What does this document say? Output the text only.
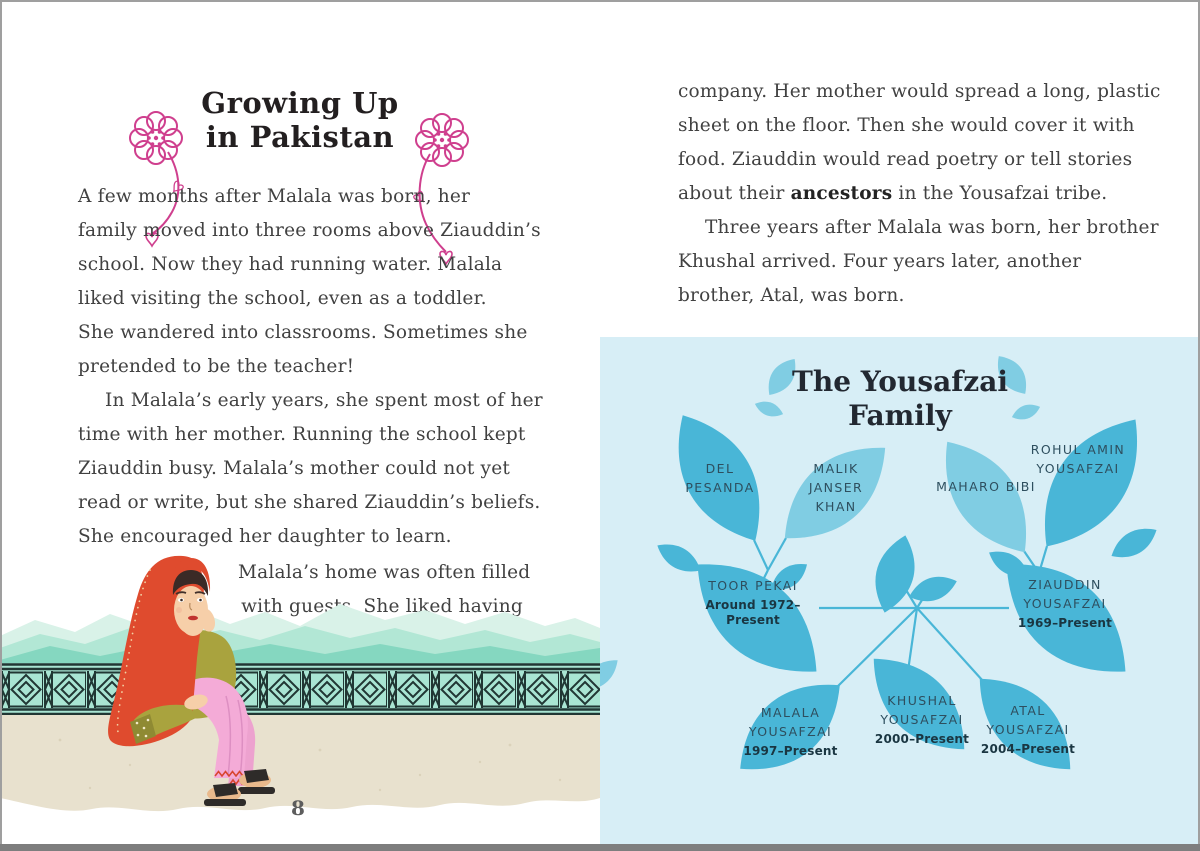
Growing Up
in Pakistan
A few months after Malala was born, her
family moved into three rooms above Ziauddin’s
school. Now they had running water. Malala
liked visiting the school, even as a toddler.
She wandered into classrooms. Sometimes she
pretended to be the teacher!
In Malala’s early years, she spent most of her
time with her mother. Running the school kept
Ziauddin busy. Malala’s mother could not yet
read or write, but she shared Ziauddin’s beliefs.
She encouraged her daughter to learn.
Malala’s home was often filled
with guests. She liked having
8
company. Her mother would spread a long, plastic
sheet on the floor. Then she would cover it with
food. Ziauddin would read poetry or tell stories
about their ancestors in the Yousafzai tribe.
Three years after Malala was born, her brother
Khushal arrived. Four years later, another
brother, Atal, was born.
The Yousafzai
Family
DEL PESANDA
MALIK JANSER KHAN
MAHARO BIBI
ROHUL AMIN YOUSAFZAI
TOOR PEKAI
Around 1972–Present
ZIAUDDIN YOUSAFZAI
1969–Present
MALALA YOUSAFZAI
1997–Present
KHUSHAL YOUSAFZAI
2000–Present
ATAL YOUSAFZAI
2004–Present
